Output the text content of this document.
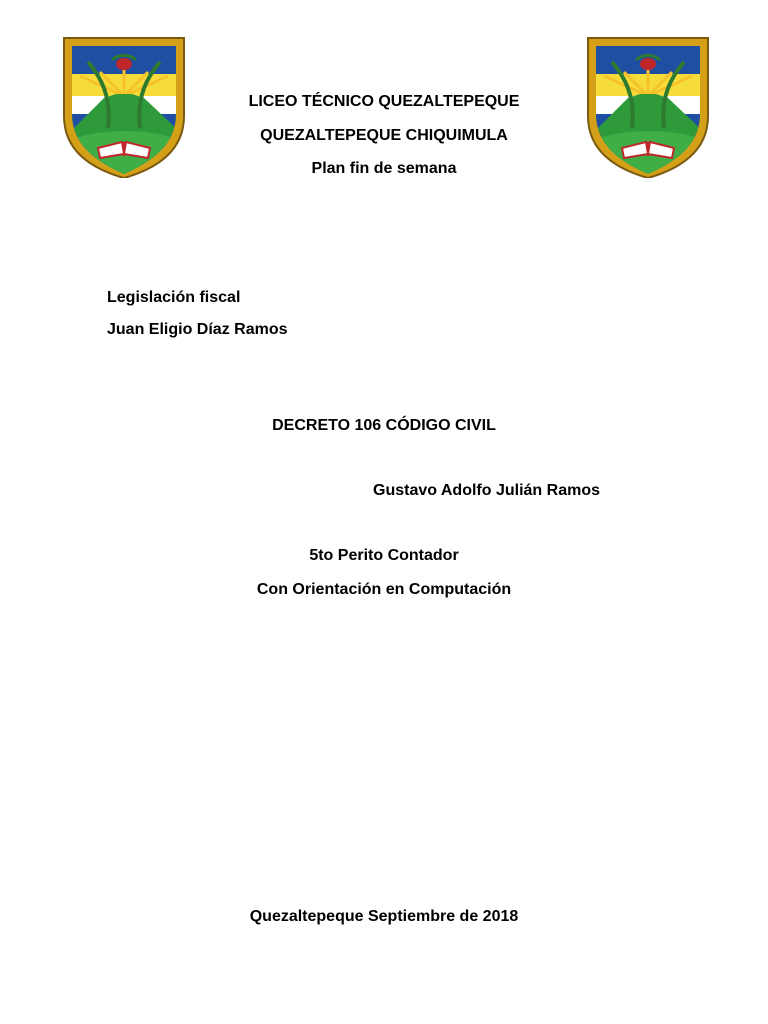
LICEO TÉCNICO QUEZALTEPEQUE
QUEZALTEPEQUE CHIQUIMULA
Plan fin de semana
Legislación fiscal
Juan Eligio Díaz Ramos
DECRETO 106 CÓDIGO CIVIL
Gustavo Adolfo Julián Ramos
5to Perito Contador
Con Orientación en Computación
Quezaltepeque Septiembre de 2018
